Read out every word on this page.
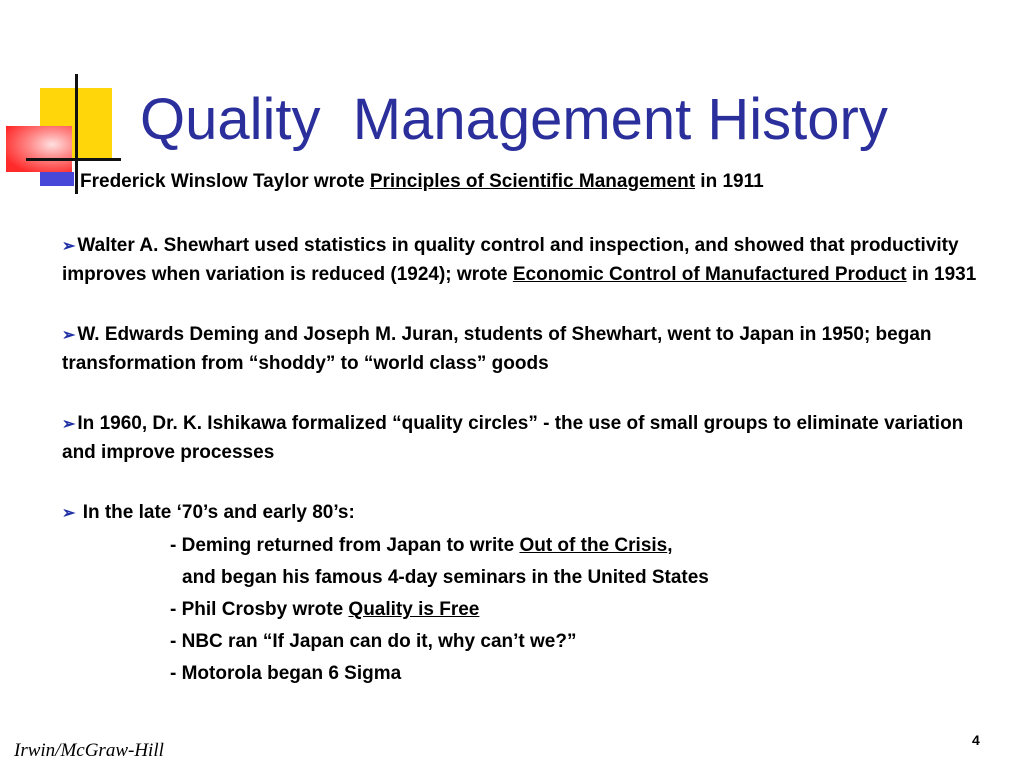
Quality  Management History

Frederick Winslow Taylor wrote Principles of Scientific Management in 1911

➢ Walter A. Shewhart used statistics in quality control and inspection, and showed that productivity improves when variation is reduced (1924); wrote Economic Control of Manufactured Product in 1931

➢ W. Edwards Deming and Joseph M. Juran, students of Shewhart, went to Japan in 1950; began transformation from “shoddy” to “world class” goods

➢ In 1960, Dr. K. Ishikawa formalized “quality circles” - the use of small groups to eliminate variation and improve processes

➢ In the late ‘70’s and early 80’s:

- Deming returned from Japan to write Out of the Crisis,

and began his famous 4-day seminars in the United States

- Phil Crosby wrote Quality is Free

- NBC ran “If Japan can do it, why can’t we?”

- Motorola began 6 Sigma

Irwin/McGraw-Hill	4
